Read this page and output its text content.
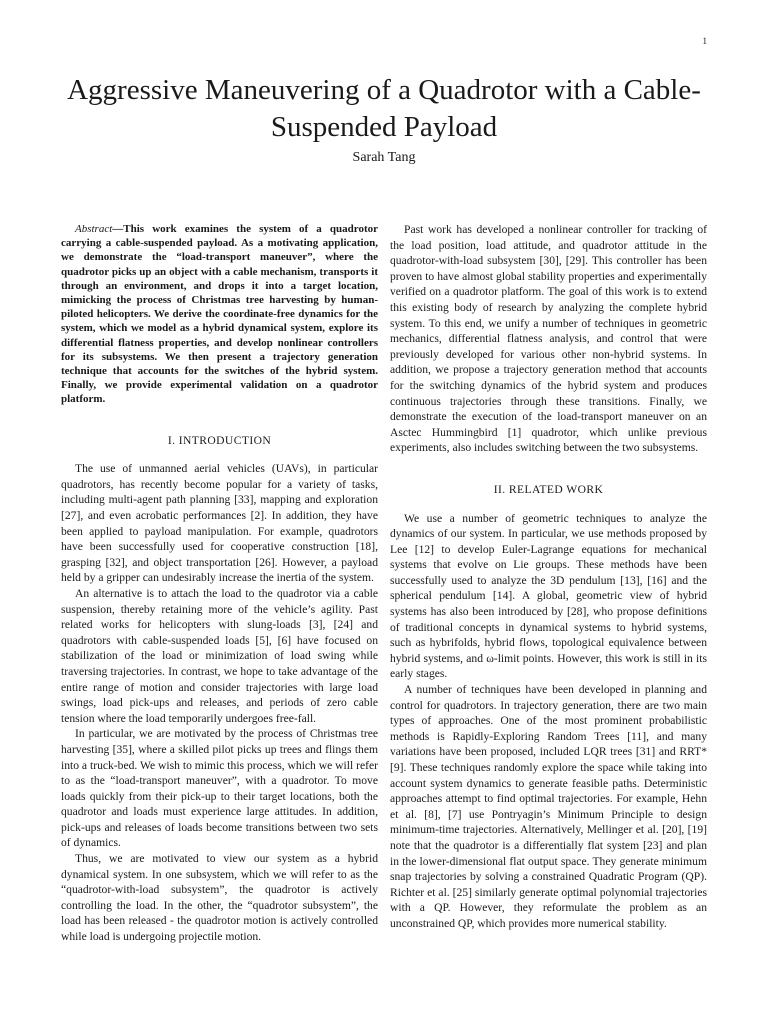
1
Aggressive Maneuvering of a Quadrotor with a Cable-Suspended Payload
Sarah Tang

Abstract—This work examines the system of a quadrotor carrying a cable-suspended payload. As a motivating application, we demonstrate the “load-transport maneuver”, where the quadrotor picks up an object with a cable mechanism, transports it through an environment, and drops it into a target location, mimicking the process of Christmas tree harvesting by human-piloted helicopters. We derive the coordinate-free dynamics for the system, which we model as a hybrid dynamical system, explore its differential flatness properties, and develop nonlinear controllers for its subsystems. We then present a trajectory generation technique that accounts for the switches of the hybrid system. Finally, we provide experimental validation on a quadrotor platform.

I. INTRODUCTION

The use of unmanned aerial vehicles (UAVs), in particular quadrotors, has recently become popular for a variety of tasks, including multi-agent path planning [33], mapping and exploration [27], and even acrobatic performances [2]. In addition, they have been applied to payload manipulation. For example, quadrotors have been successfully used for cooperative construction [18], grasping [32], and object transportation [26]. However, a payload held by a gripper can undesirably increase the inertia of the system.

An alternative is to attach the load to the quadrotor via a cable suspension, thereby retaining more of the vehicle’s agility. Past related works for helicopters with slung-loads [3], [24] and quadrotors with cable-suspended loads [5], [6] have focused on stabilization of the load or minimization of load swing while traversing trajectories. In contrast, we hope to take advantage of the entire range of motion and consider trajectories with large load swings, load pick-ups and releases, and periods of zero cable tension where the load temporarily undergoes free-fall.

In particular, we are motivated by the process of Christmas tree harvesting [35], where a skilled pilot picks up trees and flings them into a truck-bed. We wish to mimic this process, which we will refer to as the “load-transport maneuver”, with a quadrotor. To move loads quickly from their pick-up to their target locations, both the quadrotor and loads must experience large attitudes. In addition, pick-ups and releases of loads become transitions between two sets of dynamics.

Thus, we are motivated to view our system as a hybrid dynamical system. In one subsystem, which we will refer to as the “quadrotor-with-load subsystem”, the quadrotor is actively controlling the load. In the other, the “quadrotor subsystem”, the load has been released - the quadrotor motion is actively controlled while load is undergoing projectile motion.

Past work has developed a nonlinear controller for tracking of the load position, load attitude, and quadrotor attitude in the quadrotor-with-load subsystem [30], [29]. This controller has been proven to have almost global stability properties and experimentally verified on a quadrotor platform. The goal of this work is to extend this existing body of research by analyzing the complete hybrid system. To this end, we unify a number of techniques in geometric mechanics, differential flatness analysis, and control that were previously developed for various other non-hybrid systems. In addition, we propose a trajectory generation method that accounts for the switching dynamics of the hybrid system and produces continuous trajectories through these transitions. Finally, we demonstrate the execution of the load-transport maneuver on an Asctec Hummingbird [1] quadrotor, which unlike previous experiments, also includes switching between the two subsystems.

II. RELATED WORK

We use a number of geometric techniques to analyze the dynamics of our system. In particular, we use methods proposed by Lee [12] to develop Euler-Lagrange equations for mechanical systems that evolve on Lie groups. These methods have been successfully used to analyze the 3D pendulum [13], [16] and the spherical pendulum [14]. A global, geometric view of hybrid systems has also been introduced by [28], who propose definitions of traditional concepts in dynamical systems to hybrid systems, such as hybrifolds, hybrid flows, topological equivalence between hybrid systems, and ω-limit points. However, this work is still in its early stages.

A number of techniques have been developed in planning and control for quadrotors. In trajectory generation, there are two main types of approaches. One of the most prominent probabilistic methods is Rapidly-Exploring Random Trees [11], and many variations have been proposed, included LQR trees [31] and RRT* [9]. These techniques randomly explore the space while taking into account system dynamics to generate feasible paths. Deterministic approaches attempt to find optimal trajectories. For example, Hehn et al. [8], [7] use Pontryagin’s Minimum Principle to design minimum-time trajectories. Alternatively, Mellinger et al. [20], [19] note that the quadrotor is a differentially flat system [23] and plan in the lower-dimensional flat output space. They generate minimum snap trajectories by solving a constrained Quadratic Program (QP). Richter et al. [25] similarly generate optimal polynomial trajectories with a QP. However, they reformulate the problem as an unconstrained QP, which provides more numerical stability.
